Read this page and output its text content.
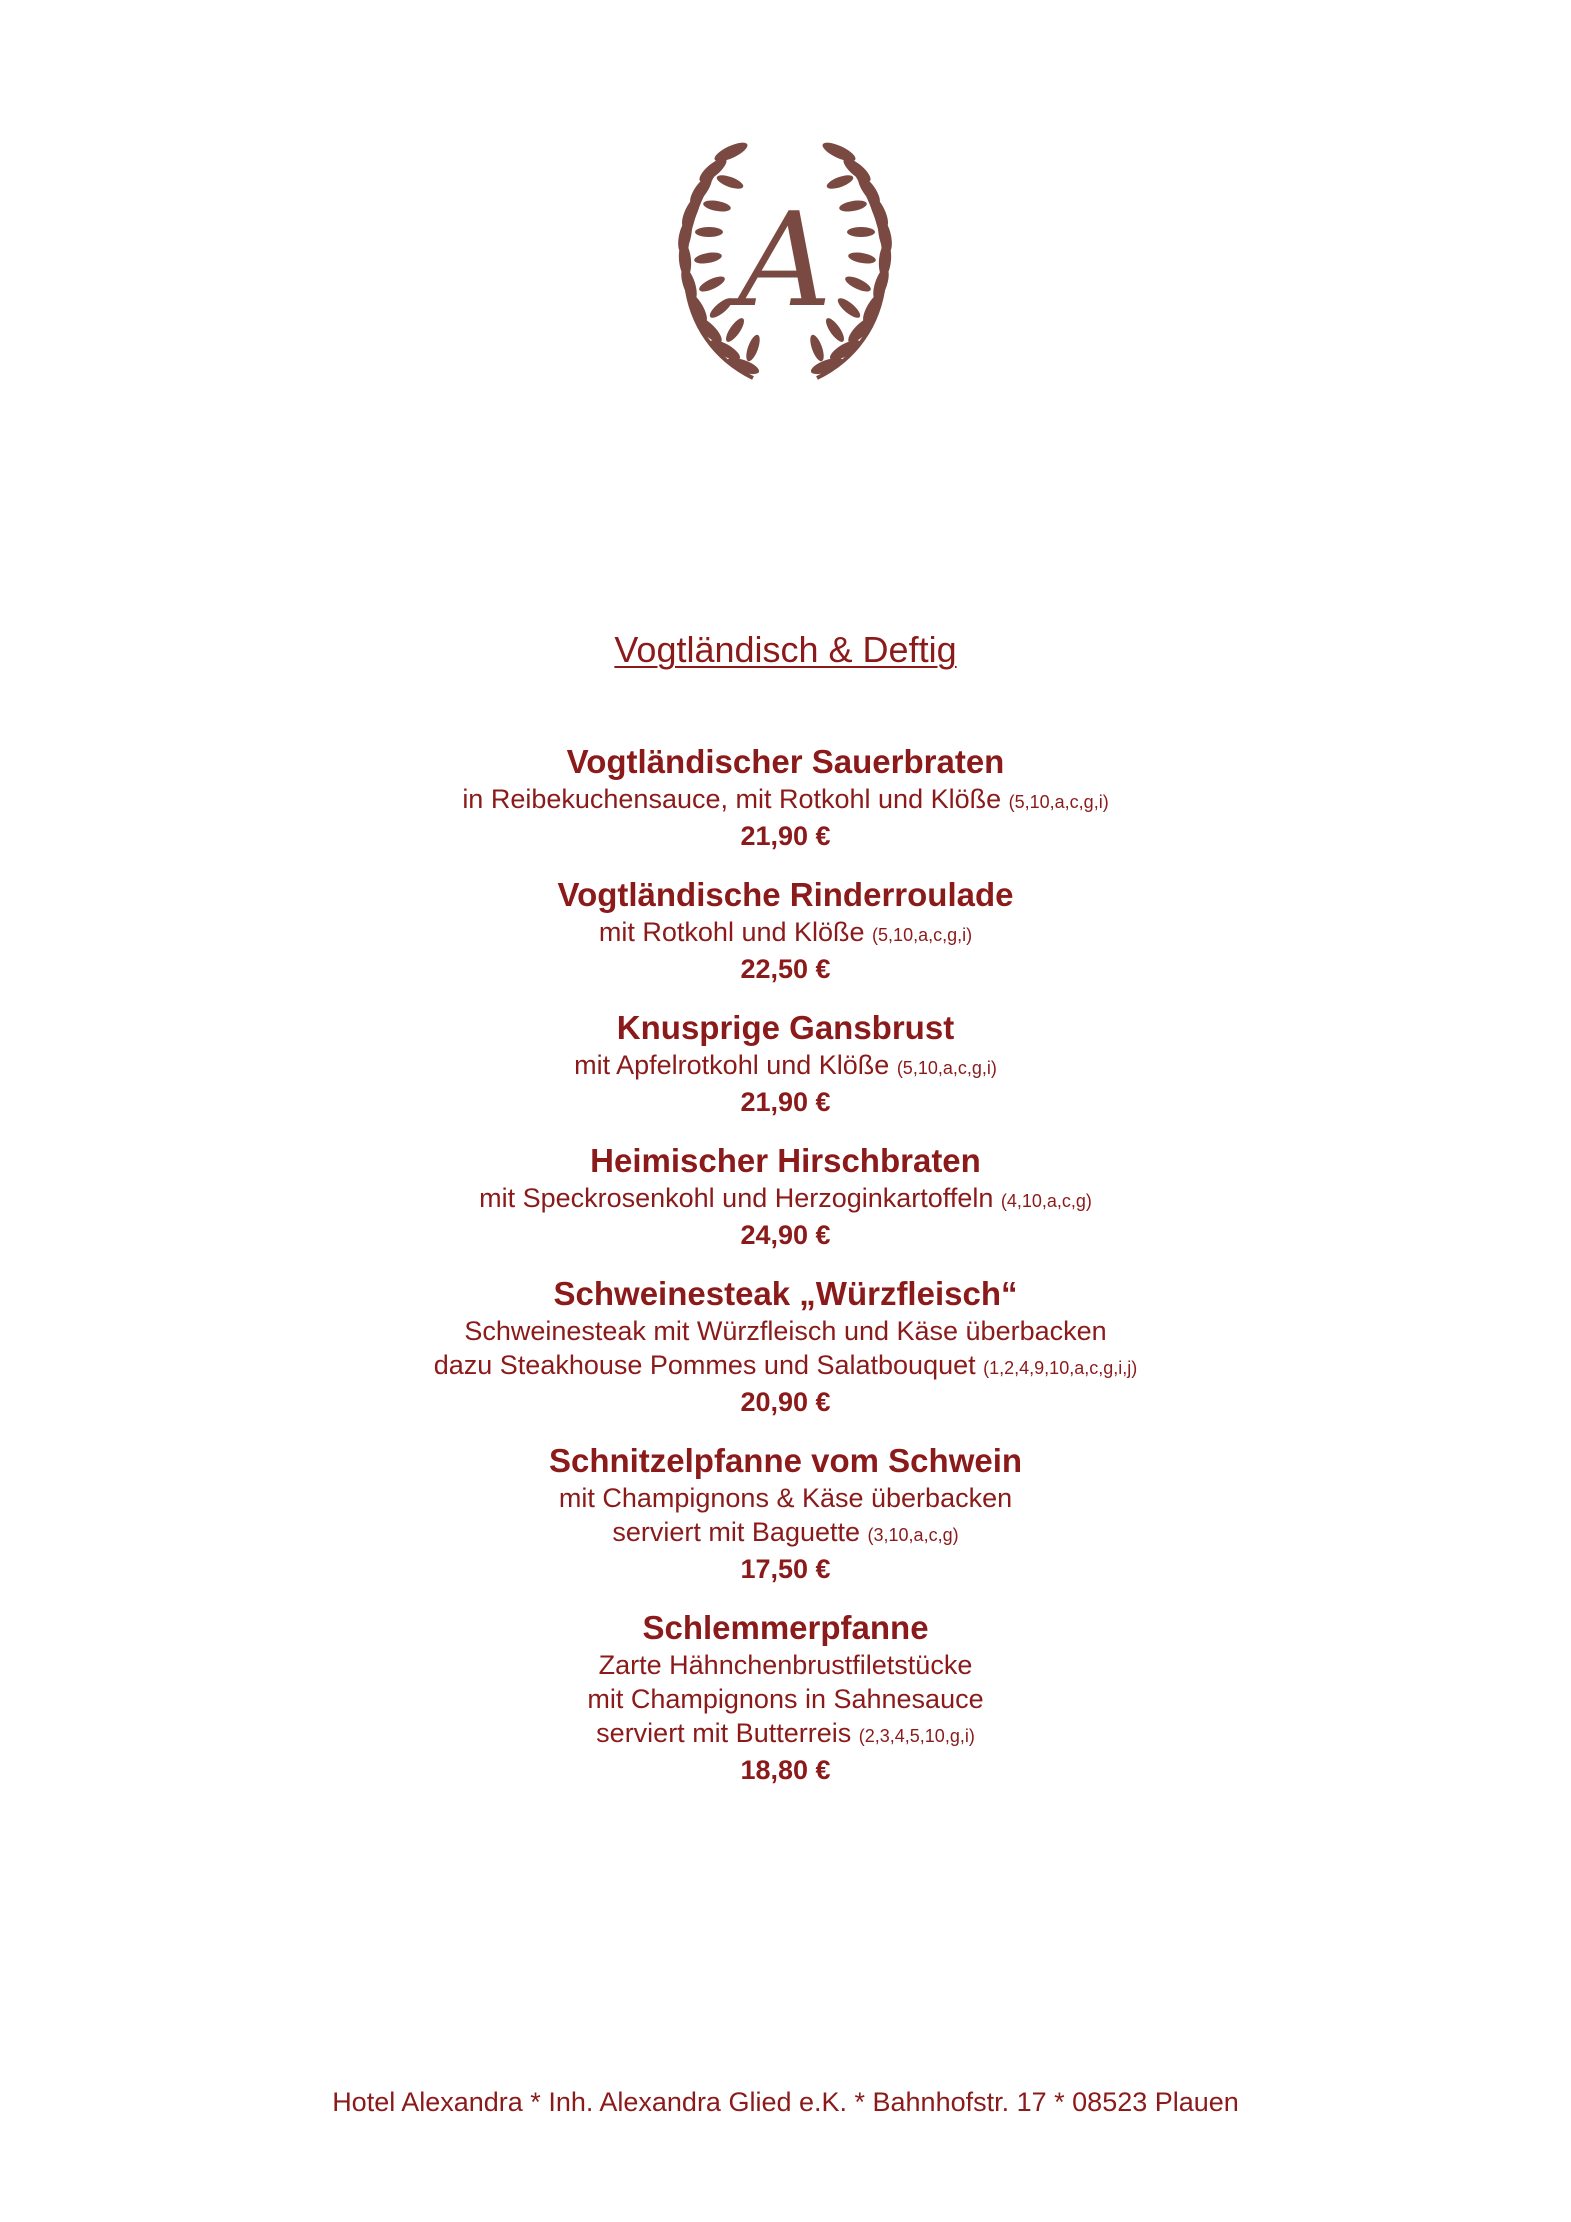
A
Vogtländisch & Deftig
Vogtländischer Sauerbraten
in Reibekuchensauce, mit Rotkohl und Klöße (5,10,a,c,g,i)
21,90 €
Vogtländische Rinderroulade
mit Rotkohl und Klöße (5,10,a,c,g,i)
22,50 €
Knusprige Gansbrust
mit Apfelrotkohl und Klöße (5,10,a,c,g,i)
21,90 €
Heimischer Hirschbraten
mit Speckrosenkohl und Herzoginkartoffeln (4,10,a,c,g)
24,90 €
Schweinesteak „Würzfleisch“
Schweinesteak mit Würzfleisch und Käse überbacken
dazu Steakhouse Pommes und Salatbouquet (1,2,4,9,10,a,c,g,i,j)
20,90 €
Schnitzelpfanne vom Schwein
mit Champignons & Käse überbacken
serviert mit Baguette (3,10,a,c,g)
17,50 €
Schlemmerpfanne
Zarte Hähnchenbrustfiletstücke
mit Champignons in Sahnesauce
serviert mit Butterreis (2,3,4,5,10,g,i)
18,80 €
Hotel Alexandra * Inh. Alexandra Glied e.K. * Bahnhofstr. 17 * 08523 Plauen
